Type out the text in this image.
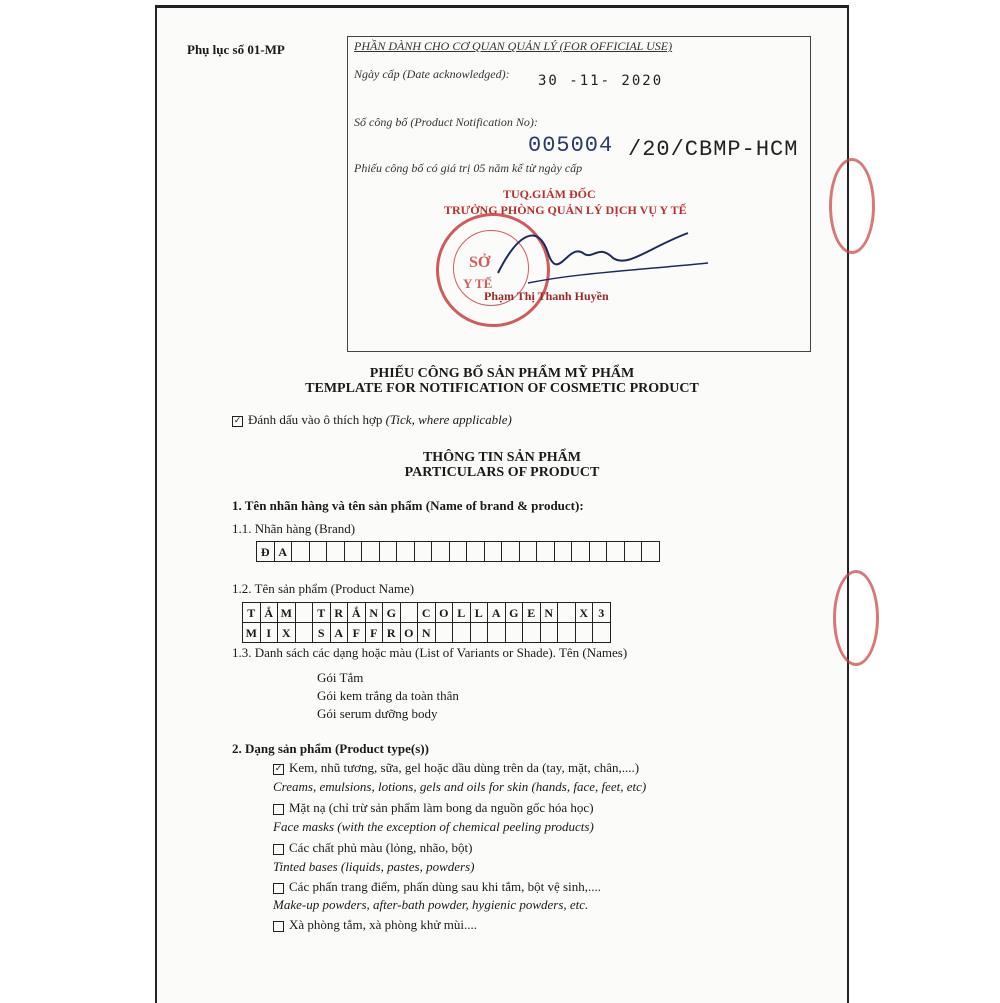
Phụ lục số 01-MP	PHẦN DÀNH CHO CƠ QUAN QUẢN LÝ (FOR OFFICIAL USE)
Ngày cấp (Date acknowledged): 30 -11- 2020
Số công bố (Product Notification No):
005004 /20/CBMP-HCM
Phiếu công bố có giá trị 05 năm kể từ ngày cấp
TUQ.GIÁM ĐỐC
TRƯỞNG PHÒNG QUẢN LÝ DỊCH VỤ Y TẾ
SỞ
Y TẾ
Phạm Thị Thanh Huyền
PHIẾU CÔNG BỐ SẢN PHẨM MỸ PHẨM
TEMPLATE FOR NOTIFICATION OF COSMETIC PRODUCT
✓ Đánh dấu vào ô thích hợp (Tick, where applicable)
THÔNG TIN SẢN PHẨM
PARTICULARS OF PRODUCT
1. Tên nhãn hàng và tên sản phẩm (Name of brand & product):
1.1. Nhãn hàng (Brand)
Đ A
1.2. Tên sản phẩm (Product Name)
T Ắ M	T R Ắ N G	C O L L A G E N	X 3
M I X	S A F F R O N
1.3. Danh sách các dạng hoặc màu (List of Variants or Shade). Tên (Names)
Gói Tắm
Gói kem trắng da toàn thân
Gói serum dưỡng body
2. Dạng sản phẩm (Product type(s))
✓ Kem, nhũ tương, sữa, gel hoặc dầu dùng trên da (tay, mặt, chân,....)
Creams, emulsions, lotions, gels and oils for skin (hands, face, feet, etc)
Mặt nạ (chỉ trừ sản phẩm làm bong da nguồn gốc hóa học)
Face masks (with the exception of chemical peeling products)
Các chất phủ màu (lỏng, nhão, bột)
Tinted bases (liquids, pastes, powders)
Các phấn trang điểm, phấn dùng sau khi tắm, bột vệ sinh,....
Make-up powders, after-bath powder, hygienic powders, etc.
Xà phòng tắm, xà phòng khử mùi....
